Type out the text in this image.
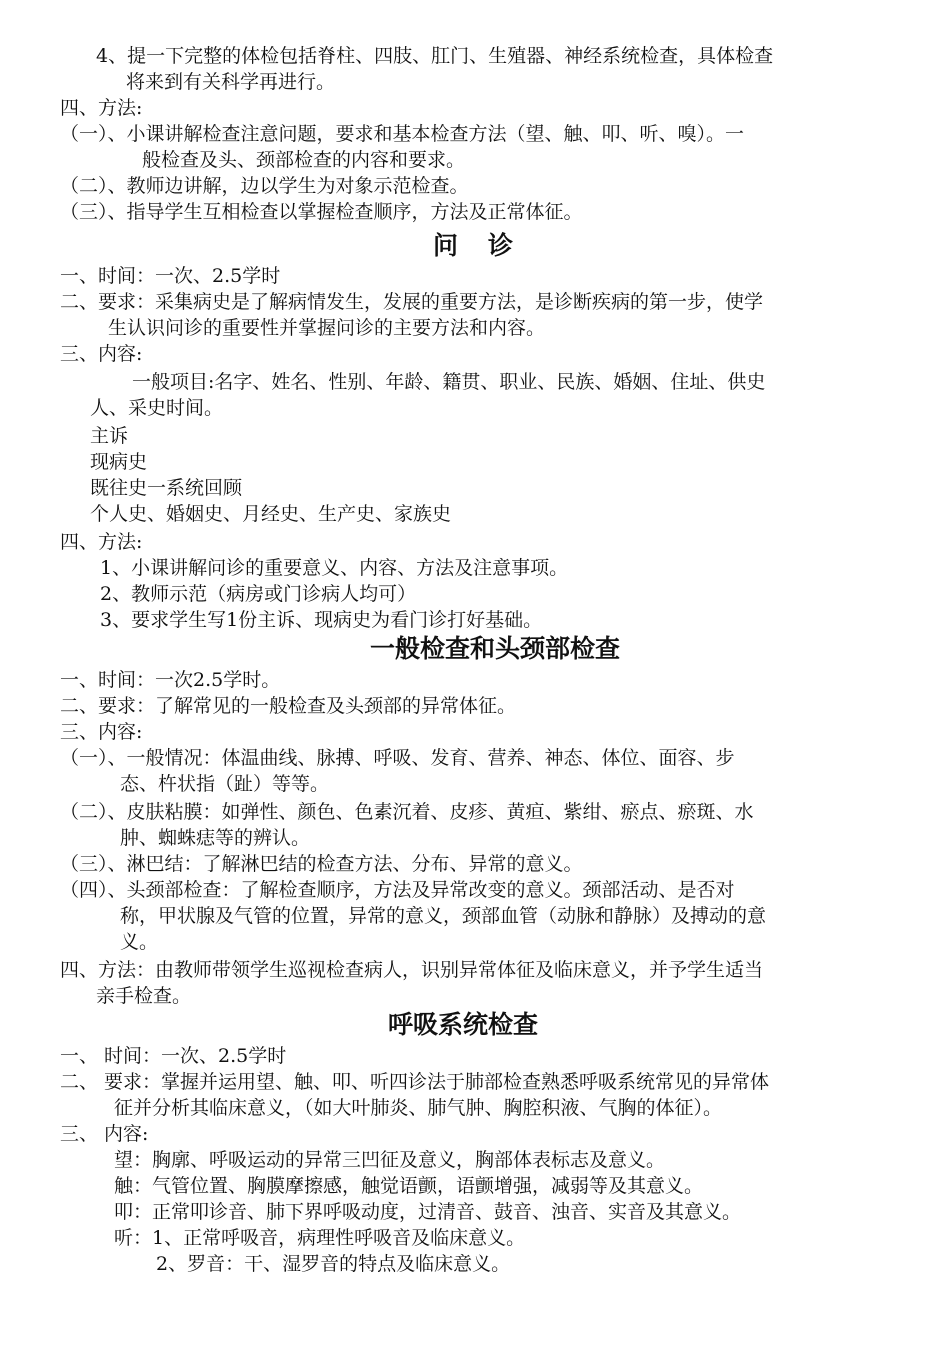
4、提一下完整的体检包括脊柱、四肢、肛门、生殖器、神经系统检查，具体检查
将来到有关科学再进行。
四、方法:
（一）、小课讲解检查注意问题，要求和基本检查方法（望、触、叩、听、嗅）。一
般检查及头、颈部检查的内容和要求。
（二）、教师边讲解，边以学生为对象示范检查。
（三）、指导学生互相检查以掌握检查顺序，方法及正常体征。
问诊
一、时间：一次、2.5学时
二、要求：采集病史是了解病情发生，发展的重要方法，是诊断疾病的第一步，使学
生认识问诊的重要性并掌握问诊的主要方法和内容。
三、内容:
一般项目:名字、姓名、性别、年龄、籍贯、职业、民族、婚姻、住址、供史
人、采史时间。
主诉
现病史
既往史一系统回顾
个人史、婚姻史、月经史、生产史、家族史
四、方法:
1、小课讲解问诊的重要意义、内容、方法及注意事项。
2、教师示范（病房或门诊病人均可）
3、要求学生写1份主诉、现病史为看门诊打好基础。
一般检查和头颈部检查
一、时间：一次2.5学时。
二、要求：了解常见的一般检查及头颈部的异常体征。
三、内容:
（一）、一般情况：体温曲线、脉搏、呼吸、发育、营养、神态、体位、面容、步
态、杵状指（趾）等等。
（二）、皮肤粘膜：如弹性、颜色、色素沉着、皮疹、黄疸、紫绀、瘀点、瘀斑、水
肿、蜘蛛痣等的辨认。
（三）、淋巴结：了解淋巴结的检查方法、分布、异常的意义。
（四）、头颈部检查：了解检查顺序，方法及异常改变的意义。颈部活动、是否对
称，甲状腺及气管的位置，异常的意义，颈部血管（动脉和静脉）及搏动的意
义。
四、方法：由教师带领学生巡视检查病人，识别异常体征及临床意义，并予学生适当
亲手检查。
呼吸系统检查
一、 时间：一次、2.5学时
二、 要求：掌握并运用望、触、叩、听四诊法于肺部检查熟悉呼吸系统常见的异常体
征并分析其临床意义，（如大叶肺炎、肺气肿、胸腔积液、气胸的体征）。
三、 内容:
望：胸廓、呼吸运动的异常三凹征及意义，胸部体表标志及意义。
触：气管位置、胸膜摩擦感，触觉语颤，语颤增强，减弱等及其意义。
叩：正常叩诊音、肺下界呼吸动度，过清音、鼓音、浊音、实音及其意义。
听：1、正常呼吸音，病理性呼吸音及临床意义。
2、罗音：干、湿罗音的特点及临床意义。
